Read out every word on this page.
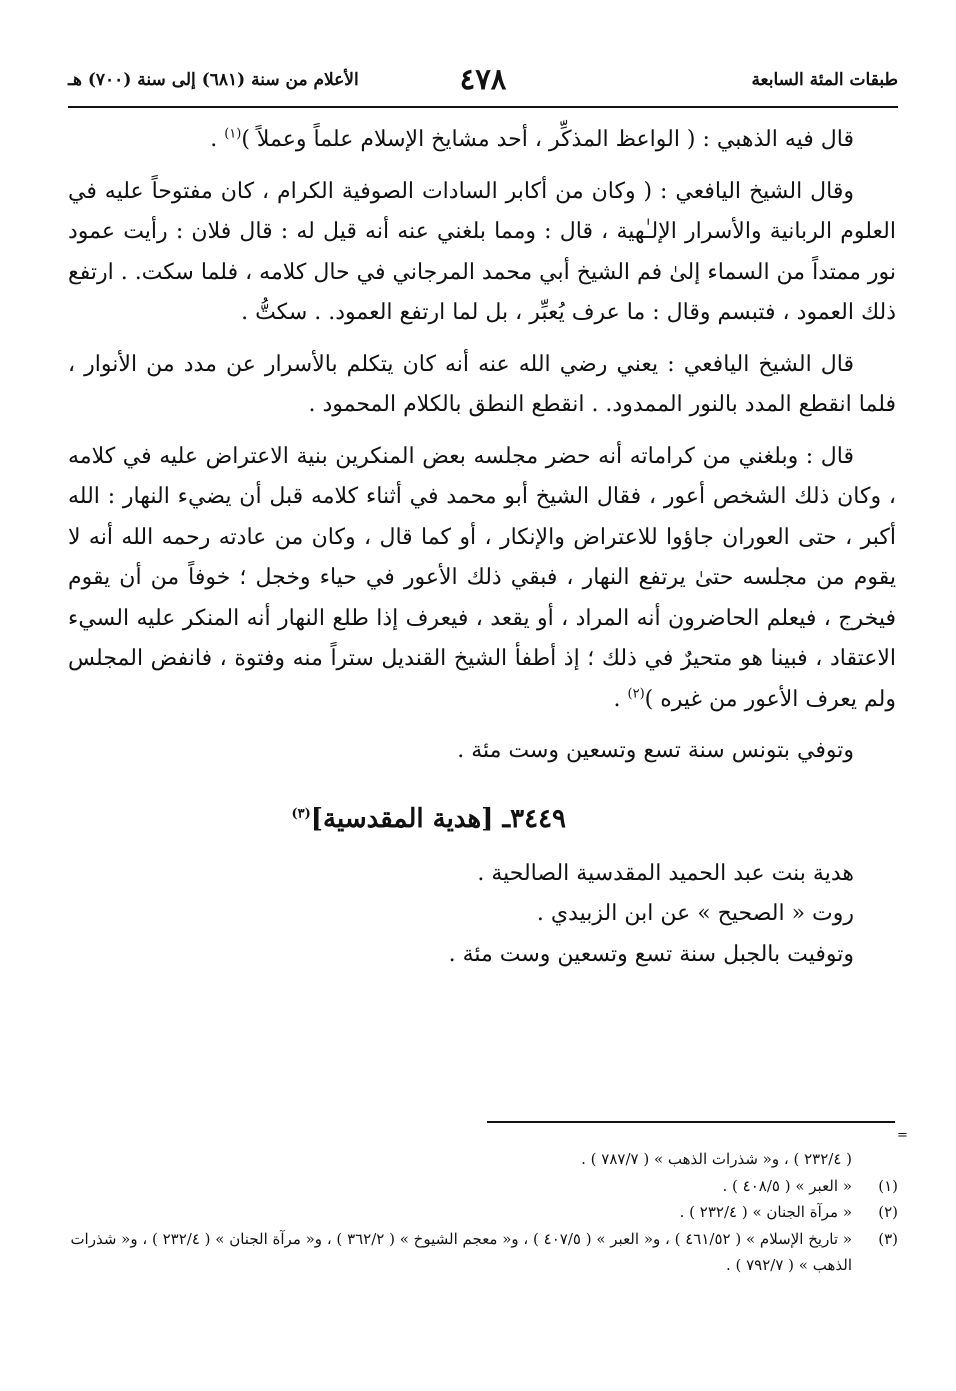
طبقات المئة السابعة
٤٧٨
الأعلام من سنة (٦٨١) إلى سنة (٧٠٠) هـ

قال فيه الذهبي : ( الواعظ المذكِّر ، أحد مشايخ الإسلام علماً وعملاً )$^{(١)}$ .

وقال الشيخ اليافعي : ( وكان من أكابر السادات الصوفية الكرام ، كان مفتوحاً عليه في العلوم الربانية والأسرار الإلـٰهية ، قال : ومما بلغني عنه أنه قيل له : قال فلان : رأيت عمود نور ممتداً من السماء إلىٰ فم الشيخ أبي محمد المرجاني في حال كلامه ، فلما سكت. . ارتفع ذلك العمود ، فتبسم وقال : ما عرف يُعبِّر ، بل لما ارتفع العمود. . سكتُّ .

قال الشيخ اليافعي : يعني رضي الله عنه أنه كان يتكلم بالأسرار عن مدد من الأنوار ، فلما انقطع المدد بالنور الممدود. . انقطع النطق بالكلام المحمود .

قال : وبلغني من كراماته أنه حضر مجلسه بعض المنكرين بنية الاعتراض عليه في كلامه ، وكان ذلك الشخص أعور ، فقال الشيخ أبو محمد في أثناء كلامه قبل أن يضيء النهار : الله أكبر ، حتى العوران جاؤوا للاعتراض والإنكار ، أو كما قال ، وكان من عادته رحمه الله أنه لا يقوم من مجلسه حتىٰ يرتفع النهار ، فبقي ذلك الأعور في حياء وخجل ؛ خوفاً من أن يقوم فيخرج ، فيعلم الحاضرون أنه المراد ، أو يقعد ، فيعرف إذا طلع النهار أنه المنكر عليه السيء الاعتقاد ، فبينا هو متحيرٌ في ذلك ؛ إذ أطفأ الشيخ القنديل ستراً منه وفتوة ، فانفض المجلس ولم يعرف الأعور من غيره )$^{(٢)}$ .

وتوفي بتونس سنة تسع وتسعين وست مئة .

٣٤٤٩ـ [هدية المقدسية]$^{(٣)}$

هدية بنت عبد الحميد المقدسية الصالحية .

روت « الصحيح » عن ابن الزبيدي .

وتوفيت بالجبل سنة تسع وتسعين وست مئة .

=

( ٢٣٢/٤ ) ، و« شذرات الذهب » ( ٧٨٧/٧ ) .

(١)
« العبر » ( ٤٠٨/٥ ) .

(٢)
« مرآة الجنان » ( ٢٣٢/٤ ) .

(٣)
« تاريخ الإسلام » ( ٤٦١/٥٢ ) ، و« العبر » ( ٤٠٧/٥ ) ، و« معجم الشيوخ » ( ٣٦٢/٢ ) ، و« مرآة الجنان » ( ٢٣٢/٤ ) ، و« شذرات الذهب » ( ٧٩٢/٧ ) .
